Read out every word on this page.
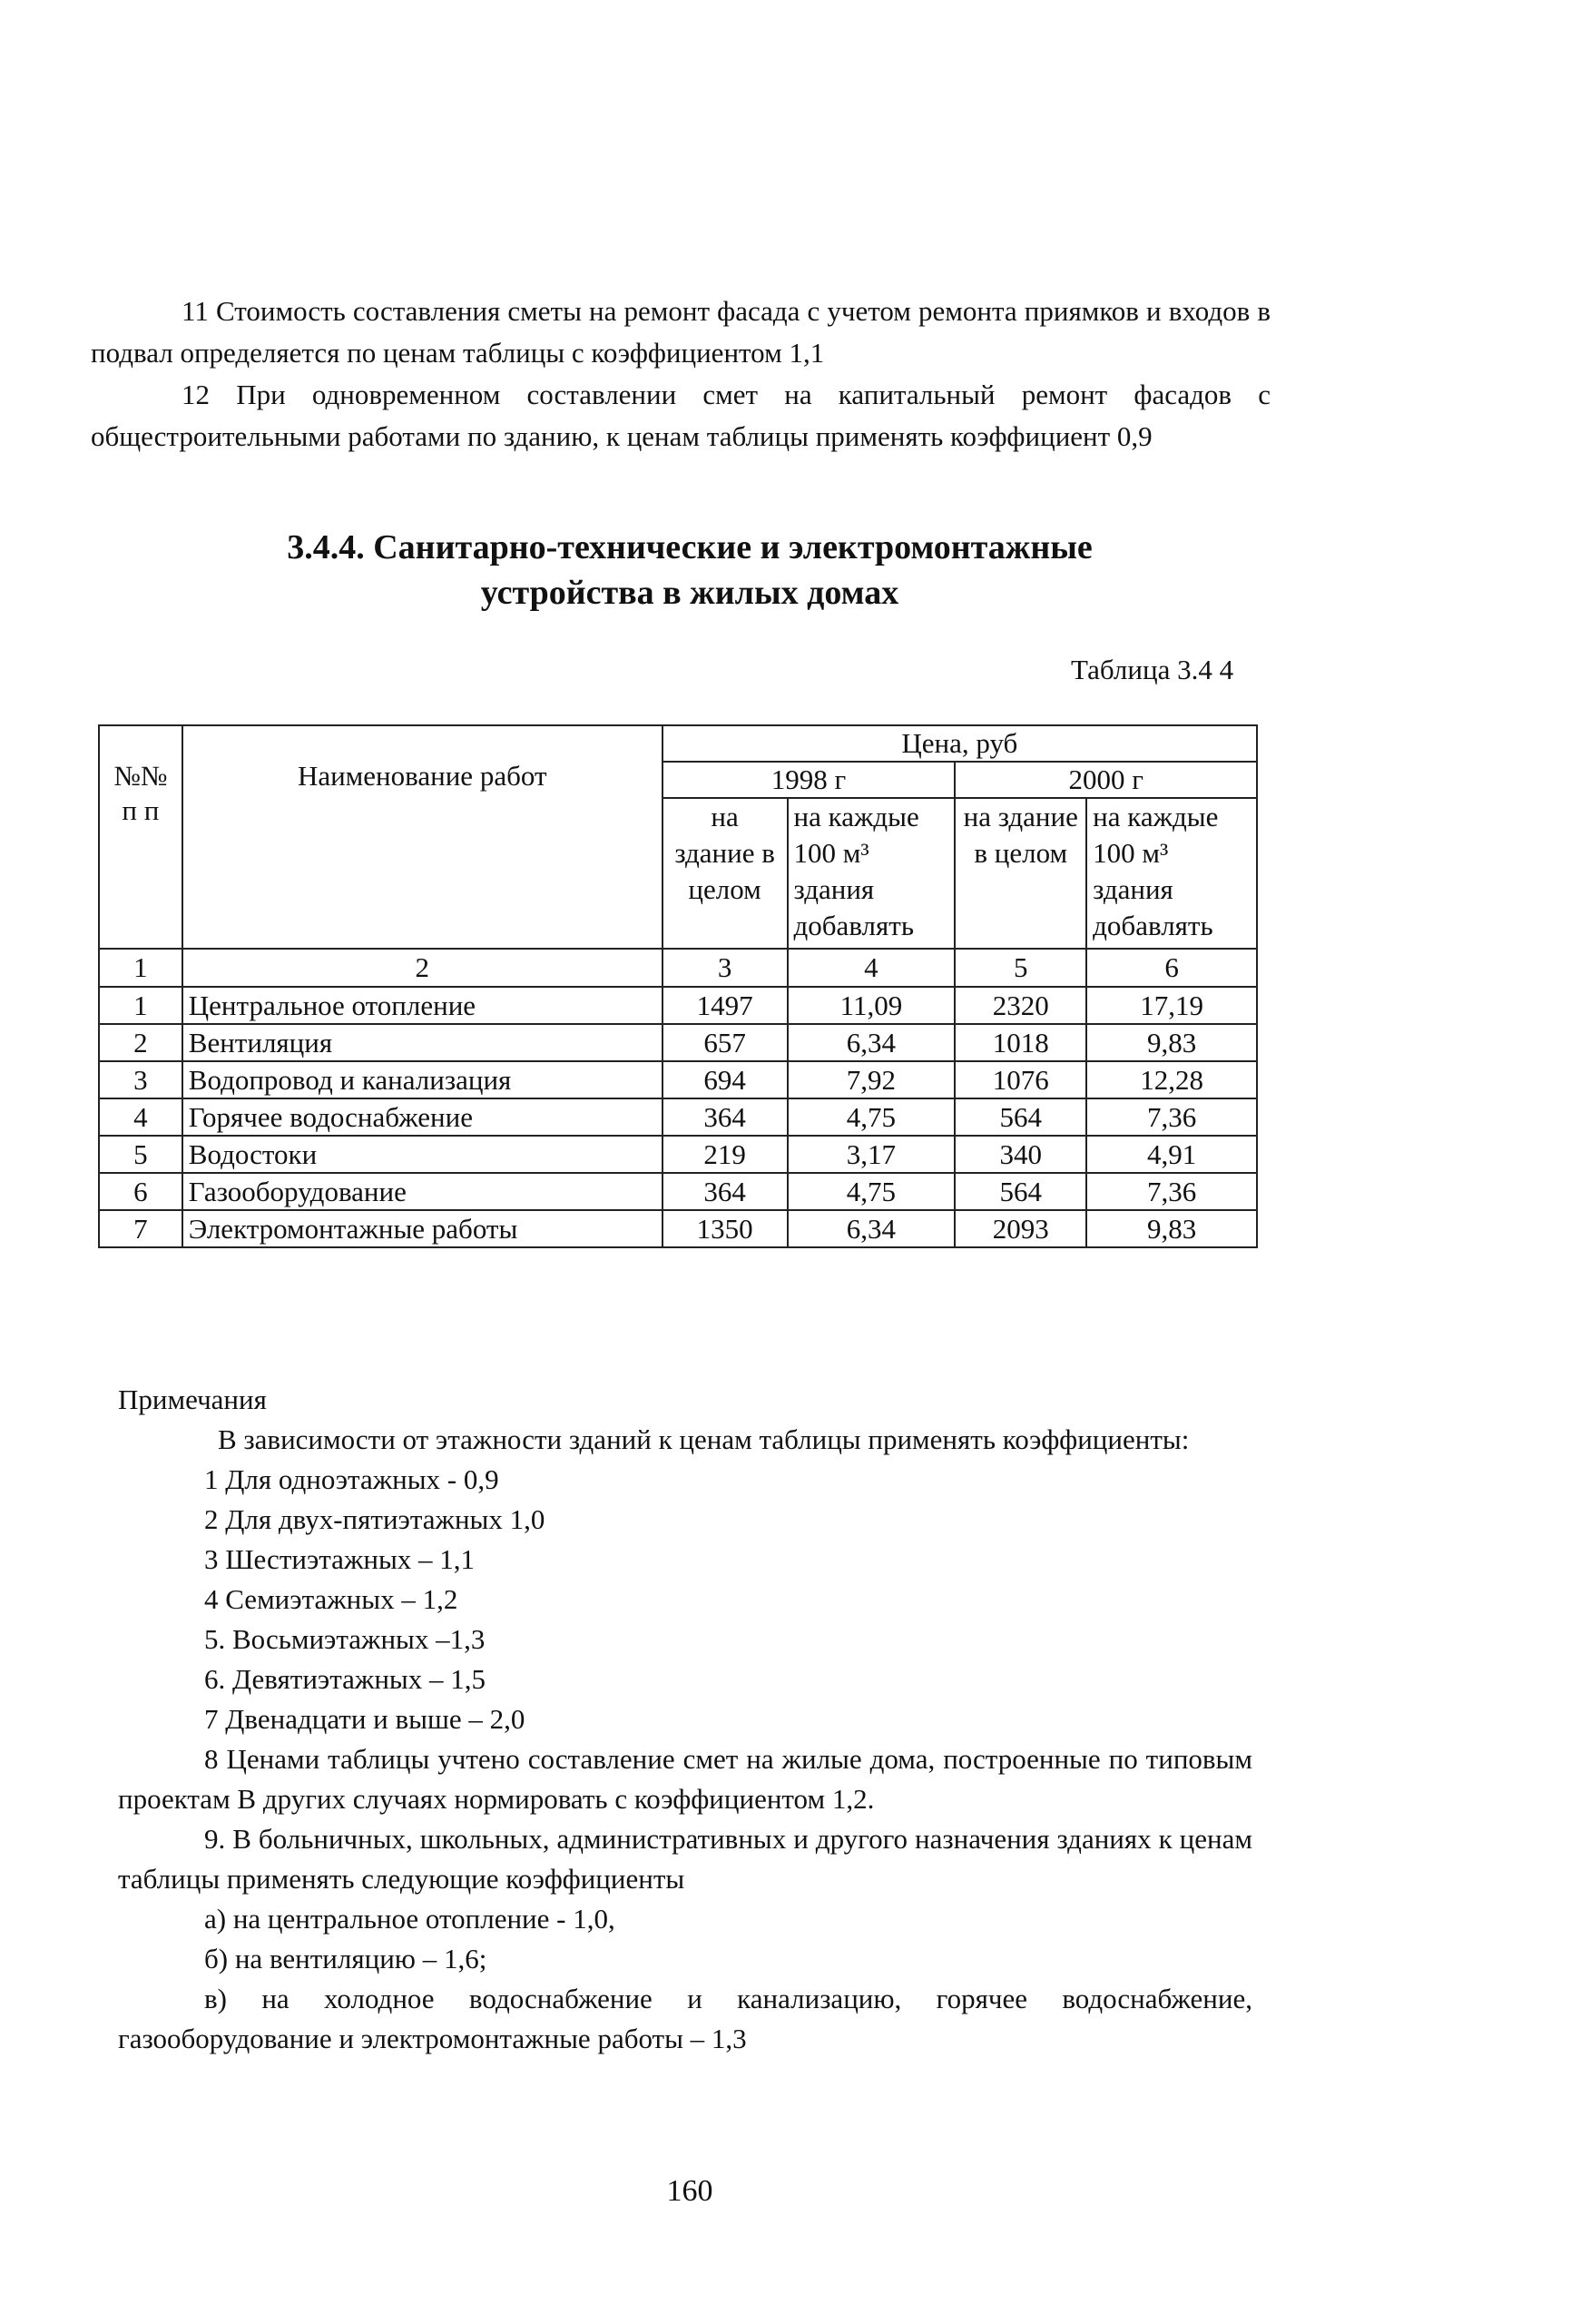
11 Стоимость составления сметы на ремонт фасада с учетом ремонта приямков и входов в подвал определяется по ценам таблицы с коэффициентом 1,1

12 При одновременном составлении смет на капитальный ремонт фасадов с общестроительными работами по зданию, к ценам таблицы применять коэффициент 0,9

3.4.4. Санитарно-технические и электромонтажные
устройства в жилых домах
Таблица 3.4 4
№№ п п	Наименование работ	Цена, руб			
		1998 г		2000 г	
		на здание в целом	на каждые 100 м³ здания добавлять	на здание в целом	на каждые 100 м³ здания добавлять
1	2	3	4	5	6
1	Центральное отопление	1497	11,09	2320	17,19
2	Вентиляция	657	6,34	1018	9,83
3	Водопровод и канализация	694	7,92	1076	12,28
4	Горячее водоснабжение	364	4,75	564	7,36
5	Водостоки	219	3,17	340	4,91
6	Газооборудование	364	4,75	564	7,36
7	Электромонтажные работы	1350	6,34	2093	9,83

Примечания

В зависимости от этажности зданий к ценам таблицы применять коэффициенты:

1 Для одноэтажных - 0,9

2 Для двух-пятиэтажных 1,0

3 Шестиэтажных – 1,1

4 Семиэтажных – 1,2

5. Восьмиэтажных –1,3

6. Девятиэтажных – 1,5

7 Двенадцати и выше – 2,0

8 Ценами таблицы учтено составление смет на жилые дома, построенные по типовым проектам В других случаях нормировать с коэффициентом 1,2.

9. В больничных, школьных, административных и другого назначения зданиях к ценам таблицы применять следующие коэффициенты

а) на центральное отопление - 1,0,

б) на вентиляцию – 1,6;

в) на холодное водоснабжение и канализацию, горячее водоснабжение, газооборудование и электромонтажные работы – 1,3

160
